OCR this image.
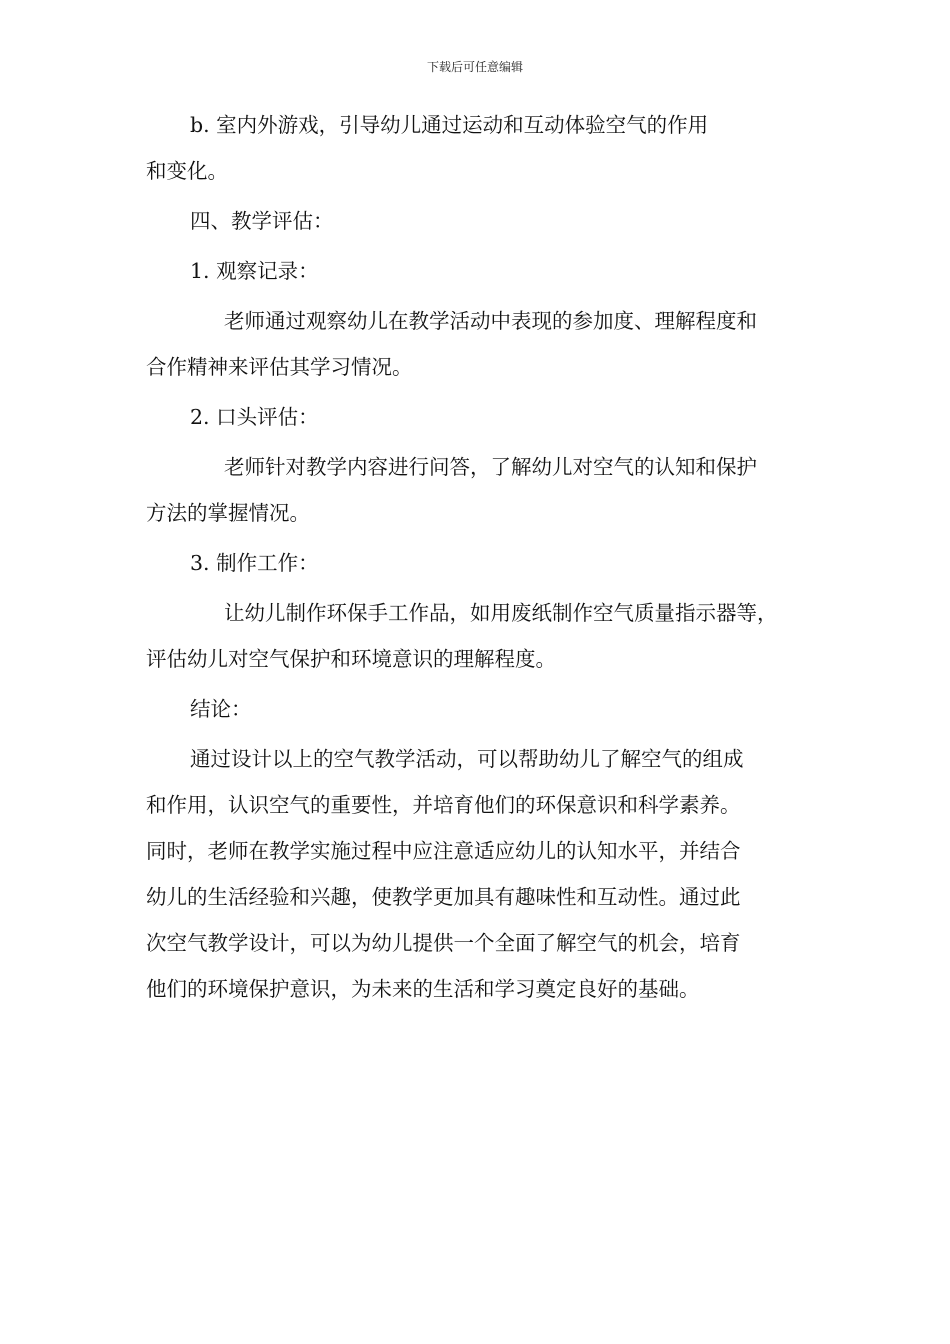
下载后可任意编辑
b. 室内外游戏，引导幼儿通过运动和互动体验空气的作用
和变化。
四、教学评估：
1. 观察记录：
老师通过观察幼儿在教学活动中表现的参加度、理解程度和
合作精神来评估其学习情况。
2. 口头评估：
老师针对教学内容进行问答，了解幼儿对空气的认知和保护
方法的掌握情况。
3. 制作工作：
让幼儿制作环保手工作品，如用废纸制作空气质量指示器等，
评估幼儿对空气保护和环境意识的理解程度。
结论：
通过设计以上的空气教学活动，可以帮助幼儿了解空气的组成
和作用，认识空气的重要性，并培育他们的环保意识和科学素养。
同时，老师在教学实施过程中应注意适应幼儿的认知水平，并结合
幼儿的生活经验和兴趣，使教学更加具有趣味性和互动性。通过此
次空气教学设计，可以为幼儿提供一个全面了解空气的机会，培育
他们的环境保护意识，为未来的生活和学习奠定良好的基础。
